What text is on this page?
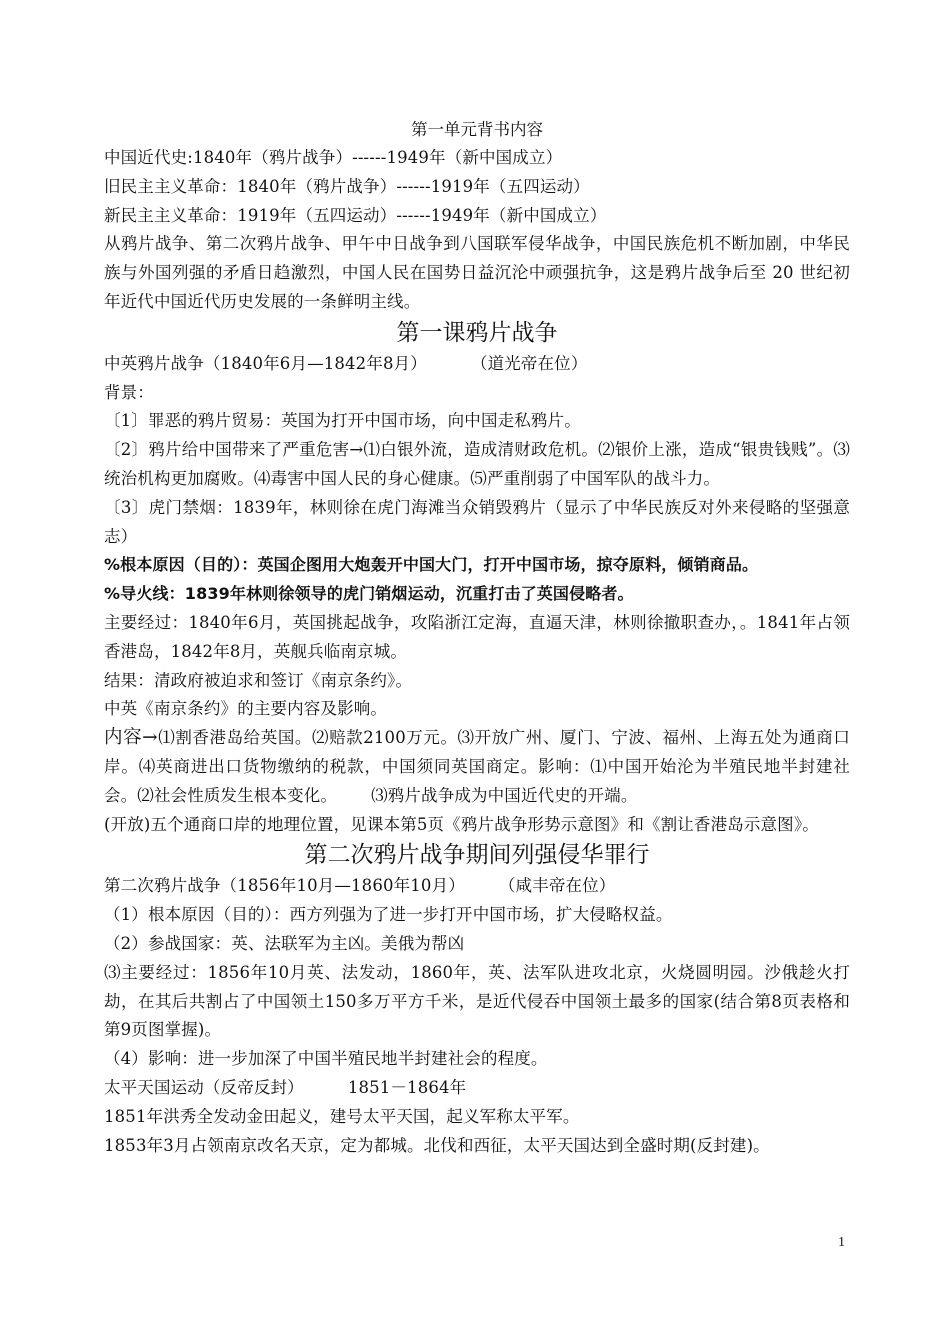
第一单元背书内容
中国近代史:1840年（鸦片战争）------1949年（新中国成立）
旧民主主义革命：1840年（鸦片战争）------1919年（五四运动）
新民主主义革命：1919年（五四运动）------1949年（新中国成立）
从鸦片战争、第二次鸦片战争、甲午中日战争到八国联军侵华战争，中国民族危机不断加剧，中华民族与外国列强的矛盾日趋激烈，中国人民在国势日益沉沦中顽强抗争，这是鸦片战争后至 20 世纪初年近代中国近代历史发展的一条鲜明主线。
第一课鸦片战争
中英鸦片战争（1840年6月—1842年8月）	（道光帝在位）
背景：
〔1〕罪恶的鸦片贸易：英国为打开中国市场，向中国走私鸦片。
〔2〕鸦片给中国带来了严重危害→⑴白银外流，造成清财政危机。⑵银价上涨，造成“银贵钱贱”。⑶统治机构更加腐败。⑷毒害中国人民的身心健康。⑸严重削弱了中国军队的战斗力。
〔3〕虎门禁烟：1839年，林则徐在虎门海滩当众销毁鸦片（显示了中华民族反对外来侵略的坚强意志）
%根本原因（目的）：英国企图用大炮轰开中国大门，打开中国市场，掠夺原料，倾销商品。
%导火线：1839年林则徐领导的虎门销烟运动，沉重打击了英国侵略者。
主要经过：1840年6月，英国挑起战争，攻陷浙江定海，直逼天津，林则徐撤职查办，。1841年占领香港岛，1842年8月，英舰兵临南京城。
结果：清政府被迫求和签订《南京条约》。
中英《南京条约》的主要内容及影响。
内容→⑴割香港岛给英国。⑵赔款2100万元。⑶开放广州、厦门、宁波、福州、上海五处为通商口岸。⑷英商进出口货物缴纳的税款，中国须同英国商定。影响：⑴中国开始沦为半殖民地半封建社会。⑵社会性质发生根本变化。 ⑶鸦片战争成为中国近代史的开端。
(开放)五个通商口岸的地理位置，见课本第5页《鸦片战争形势示意图》和《割让香港岛示意图》。
第二次鸦片战争期间列强侵华罪行
第二次鸦片战争（1856年10月—1860年10月） （咸丰帝在位）
（1）根本原因（目的）：西方列强为了进一步打开中国市场，扩大侵略权益。
（2）参战国家：英、法联军为主凶。美俄为帮凶
⑶主要经过：1856年10月英、法发动，1860年，英、法军队进攻北京，火烧圆明园。沙俄趁火打劫，在其后共割占了中国领土150多万平方千米，是近代侵吞中国领土最多的国家(结合第8页表格和第9页图掌握)。
（4）影响：进一步加深了中国半殖民地半封建社会的程度。
太平天国运动（反帝反封）	1851－1864年
1851年洪秀全发动金田起义，建号太平天国，起义军称太平军。
1853年3月占领南京改名天京，定为都城。北伐和西征，太平天国达到全盛时期(反封建)。
1
